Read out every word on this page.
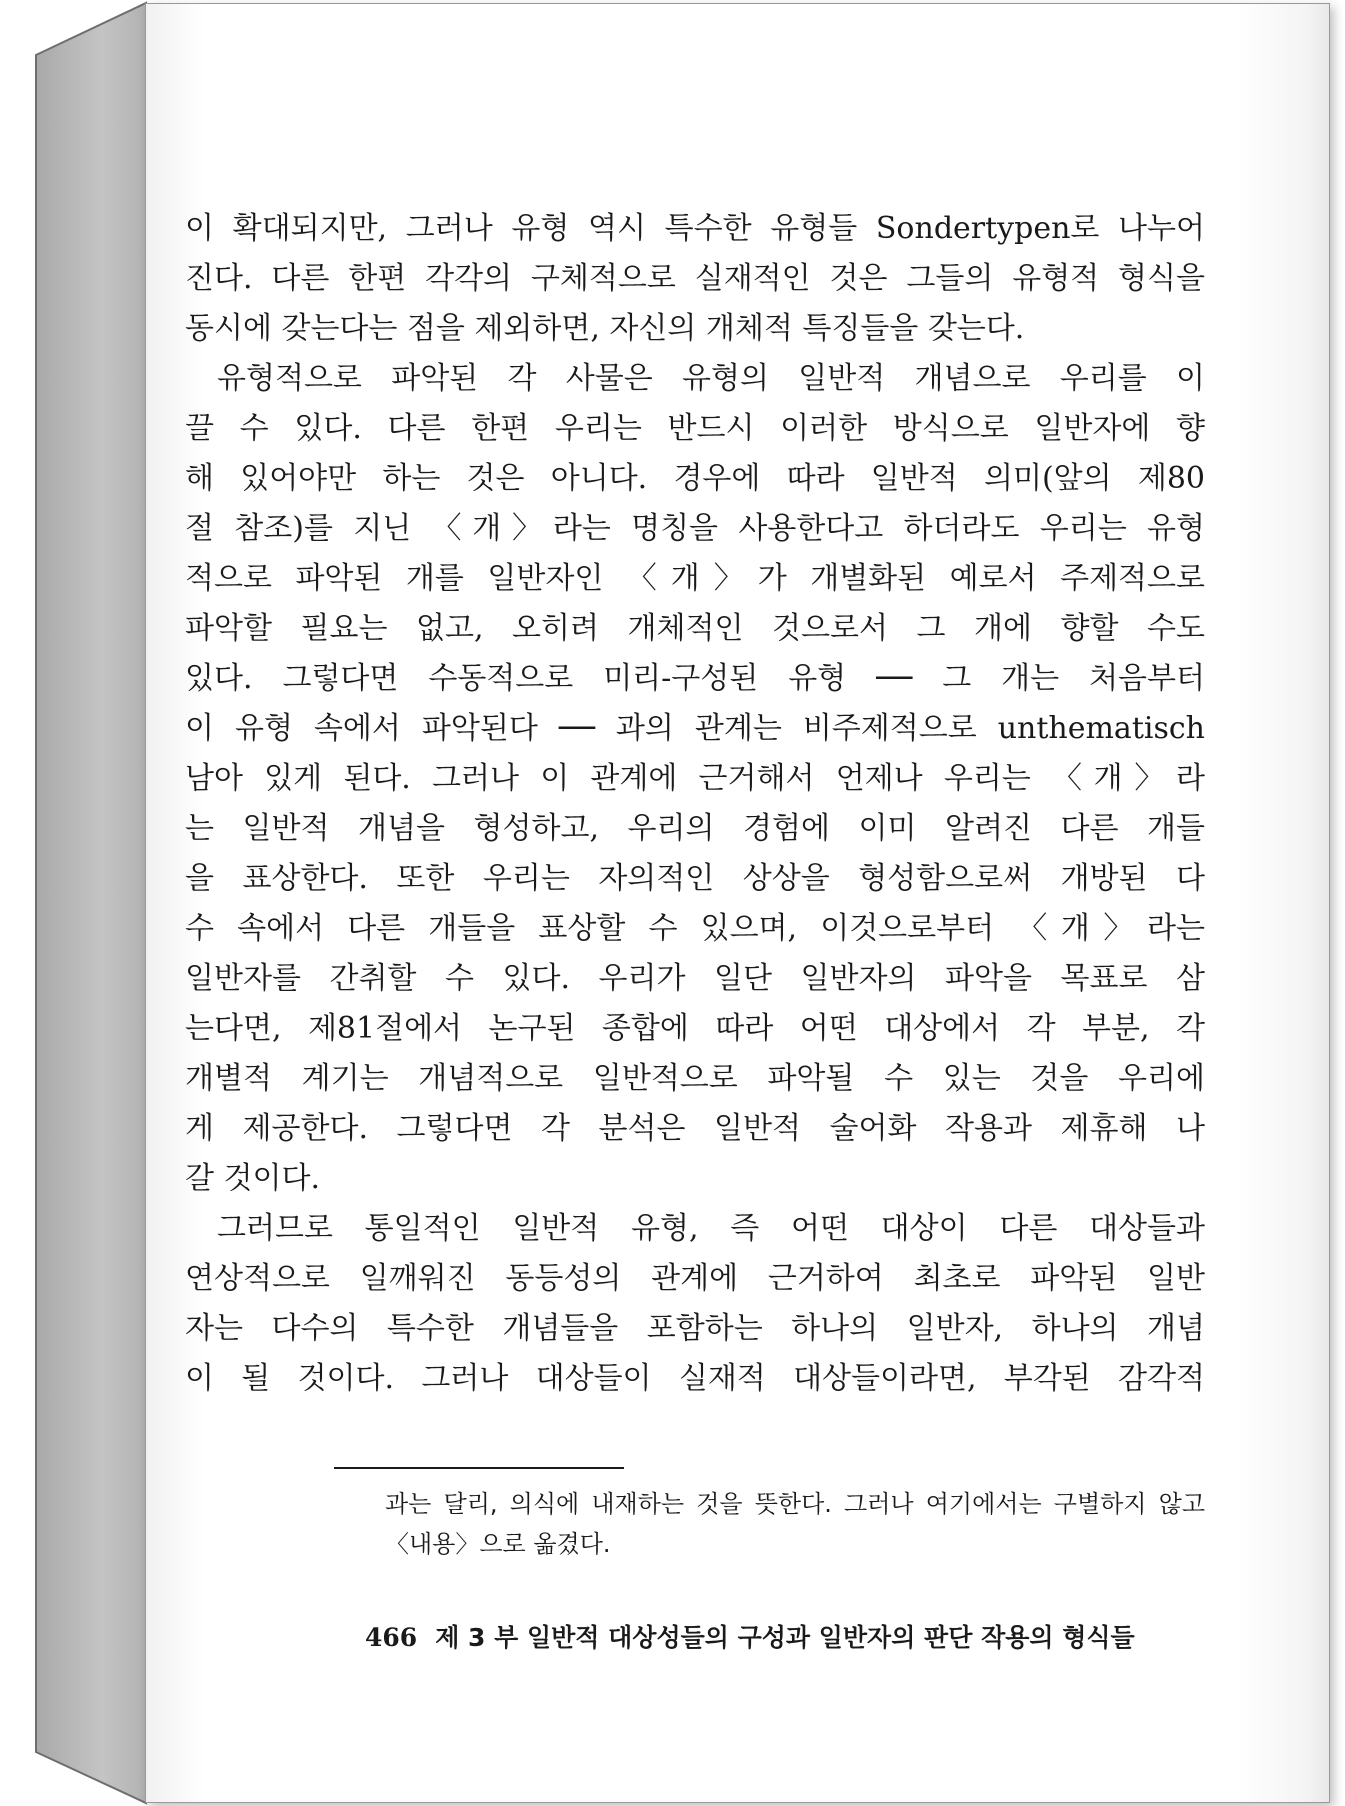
이 확대되지만, 그러나 유형 역시 특수한 유형들 Sondertypen로 나누어
진다. 다른 한편 각각의 구체적으로 실재적인 것은 그들의 유형적 형식을
동시에 갖는다는 점을 제외하면, 자신의 개체적 특징들을 갖는다.
유형적으로 파악된 각 사물은 유형의 일반적 개념으로 우리를 이
끌 수 있다. 다른 한편 우리는 반드시 이러한 방식으로 일반자에 향
해 있어야만 하는 것은 아니다. 경우에 따라 일반적 의미(앞의 제80
절 참조)를 지닌 〈개〉라는 명칭을 사용한다고 하더라도 우리는 유형
적으로 파악된 개를 일반자인 〈개〉가 개별화된 예로서 주제적으로
파악할 필요는 없고, 오히려 개체적인 것으로서 그 개에 향할 수도
있다. 그렇다면 수동적으로 미리-구성된 유형 ── 그 개는 처음부터
이 유형 속에서 파악된다 ── 과의 관계는 비주제적으로 unthematisch
남아 있게 된다. 그러나 이 관계에 근거해서 언제나 우리는 〈개〉라
는 일반적 개념을 형성하고, 우리의 경험에 이미 알려진 다른 개들
을 표상한다. 또한 우리는 자의적인 상상을 형성함으로써 개방된 다
수 속에서 다른 개들을 표상할 수 있으며, 이것으로부터 〈개〉라는
일반자를 간취할 수 있다. 우리가 일단 일반자의 파악을 목표로 삼
는다면, 제81절에서 논구된 종합에 따라 어떤 대상에서 각 부분, 각
개별적 계기는 개념적으로 일반적으로 파악될 수 있는 것을 우리에
게 제공한다. 그렇다면 각 분석은 일반적 술어화 작용과 제휴해 나
갈 것이다.
그러므로 통일적인 일반적 유형, 즉 어떤 대상이 다른 대상들과
연상적으로 일깨워진 동등성의 관계에 근거하여 최초로 파악된 일반
자는 다수의 특수한 개념들을 포함하는 하나의 일반자, 하나의 개념
이 될 것이다. 그러나 대상들이 실재적 대상들이라면, 부각된 감각적
과는 달리, 의식에 내재하는 것을 뜻한다. 그러나 여기에서는 구별하지 않고
〈내용〉으로 옮겼다.
466 제 3 부 일반적 대상성들의 구성과 일반자의 판단 작용의 형식들
